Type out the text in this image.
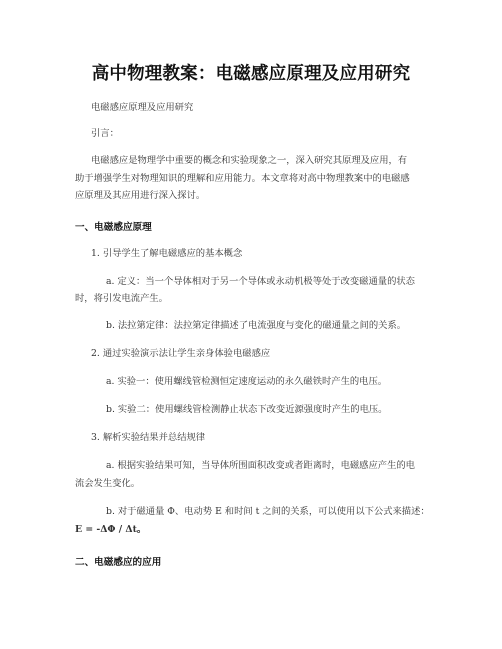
高中物理教案：电磁感应原理及应用研究
电磁感应原理及应用研究
引言：
电磁感应是物理学中重要的概念和实验现象之一，深入研究其原理及应用，有
助于增强学生对物理知识的理解和应用能力。本文章将对高中物理教案中的电磁感
应原理及其应用进行深入探讨。
一、电磁感应原理
1. 引导学生了解电磁感应的基本概念
a. 定义：当一个导体相对于另一个导体或永动机极等处于改变磁通量的状态
时，将引发电流产生。
b. 法拉第定律：法拉第定律描述了电流强度与变化的磁通量之间的关系。
2. 通过实验演示法让学生亲身体验电磁感应
a. 实验一：使用螺线管检测恒定速度运动的永久磁铁时产生的电压。
b. 实验二：使用螺线管检测静止状态下改变近源强度时产生的电压。
3. 解析实验结果并总结规律
a. 根据实验结果可知，当导体所围面积改变或者距离时，电磁感应产生的电
流会发生变化。
b. 对于磁通量 Φ、电动势 E 和时间 t 之间的关系，可以使用以下公式来描述：
E = -ΔΦ / Δt。
二、电磁感应的应用
